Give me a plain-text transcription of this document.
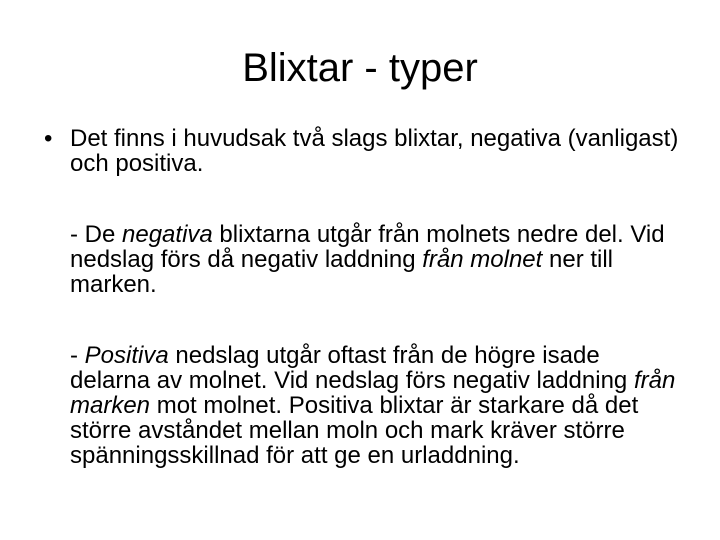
Blixtar - typer
• Det finns i huvudsak två slags blixtar, negativa (vanligast) och positiva.
- De negativa blixtarna utgår från molnets nedre del. Vid nedslag förs då negativ laddning från molnet ner till marken.
- Positiva nedslag utgår oftast från de högre isade delarna av molnet. Vid nedslag förs negativ laddning från marken mot molnet. Positiva blixtar är starkare då det större avståndet mellan moln och mark kräver större spänningsskillnad för att ge en urladdning.
